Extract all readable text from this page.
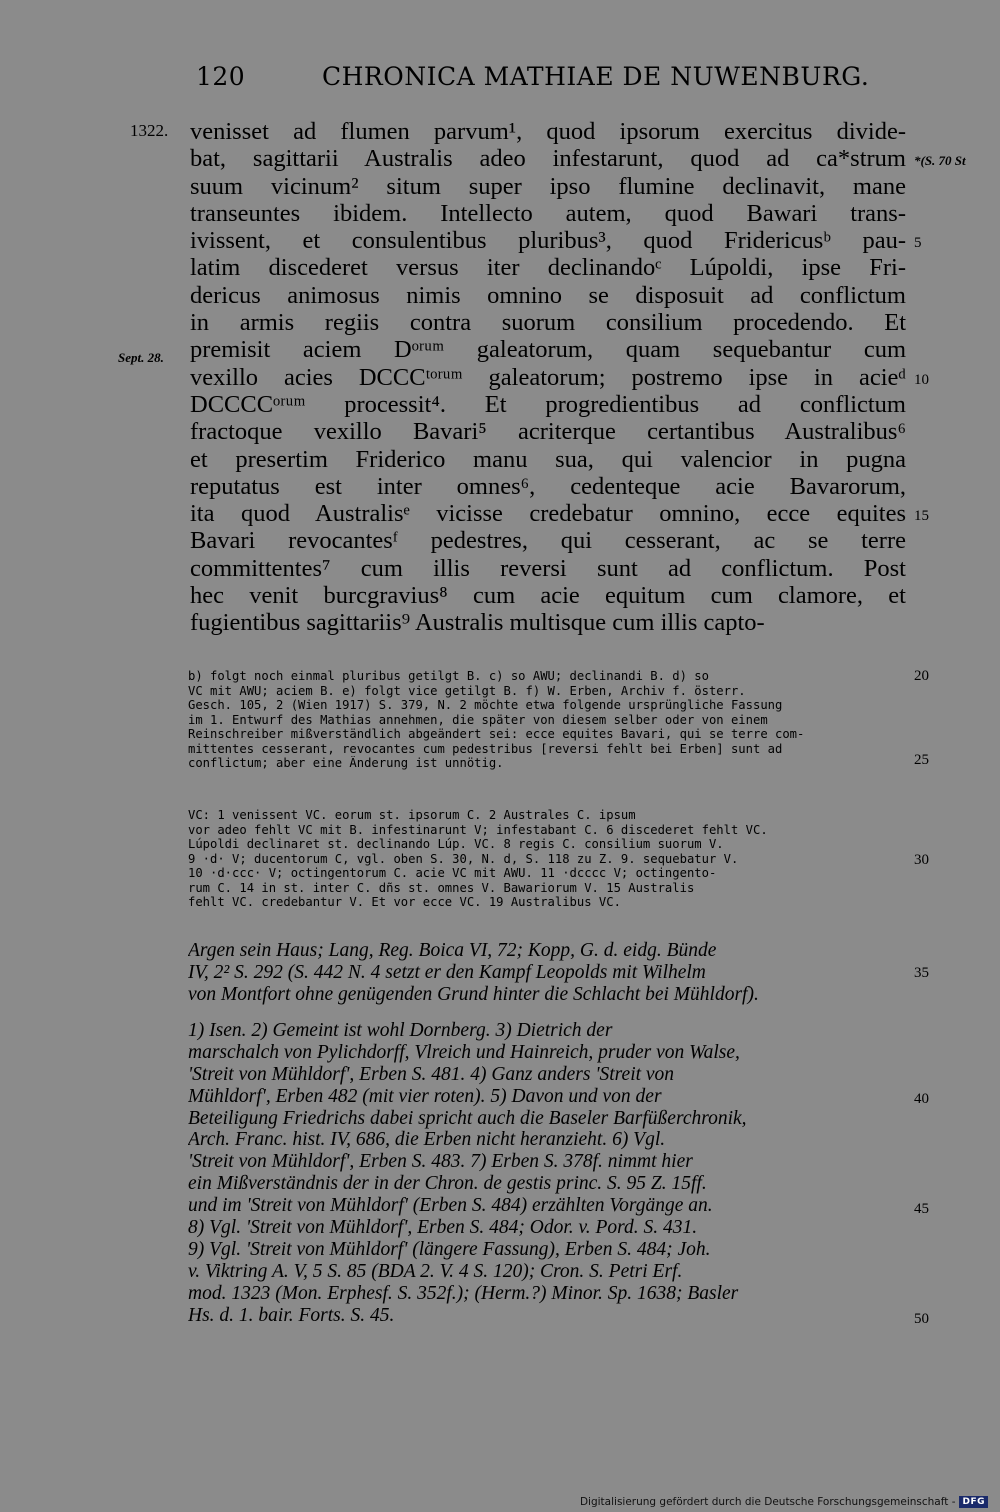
120	CHRONICA MATHIAE DE NUWENBURG.
1322.
Sept. 28.
*(S. 70 St
5
10
15
20
25
30
35
40
45
50
venisset ad flumen parvum¹, quod ipsorum exercitus divide-
bat, sagittarii Australis adeo infestarunt, quod ad ca*strum
suum vicinum² situm super ipso flumine declinavit, mane
transeuntes ibidem. Intellecto autem, quod Bawari trans-
ivissent, et consulentibus pluribus³, quod Fridericusᵇ pau-
latim discederet versus iter declinandoᶜ Lúpoldi, ipse Fri-
dericus animosus nimis omnino se disposuit ad conflictum
in armis regiis contra suorum consilium procedendo. Et
premisit aciem Dᵒʳᵘᵐ galeatorum, quam sequebantur cum
vexillo acies DCCCᵗᵒʳᵘᵐ galeatorum; postremo ipse in acieᵈ
DCCCCᵒʳᵘᵐ processit⁴. Et progredientibus ad conflictum
fractoque vexillo Bavari⁵ acriterque certantibus Australibus⁶
et presertim Friderico manu sua, qui valencior in pugna
reputatus est inter omnes⁶, cedenteque acie Bavarorum,
ita quod Australisᵉ vicisse credebatur omnino, ecce equites
Bavari revocantesᶠ pedestres, qui cesserant, ac se terre
committentes⁷ cum illis reversi sunt ad conflictum. Post
hec venit burcgravius⁸ cum acie equitum cum clamore, et
fugientibus sagittariis⁹ Australis multisque cum illis capto-
b) folgt noch einmal pluribus getilgt B. c) so AWU; declinandi B. d) so
VC mit AWU; aciem B. e) folgt vice getilgt B. f) W. Erben, Archiv f. österr.
Gesch. 105, 2 (Wien 1917) S. 379, N. 2 möchte etwa folgende ursprüngliche Fassung
im 1. Entwurf des Mathias annehmen, die später von diesem selber oder von einem
Reinschreiber mißverständlich abgeändert sei: ecce equites Bavari, qui se terre com-
mittentes cesserant, revocantes cum pedestribus [reversi fehlt bei Erben] sunt ad
conflictum; aber eine Änderung ist unnötig.
VC: 1 venissent VC. eorum st. ipsorum C. 2 Australes C. ipsum
vor adeo fehlt VC mit B. infestinarunt V; infestabant C. 6 discederet fehlt VC.
Lúpoldi declinaret st. declinando Lúp. VC. 8 regis C. consilium suorum V.
9 ·d· V; ducentorum C, vgl. oben S. 30, N. d, S. 118 zu Z. 9. sequebatur V.
10 ·d·ccc· V; octingentorum C. acie VC mit AWU. 11 ·dcccc V; octingento-
rum C. 14 in st. inter C. dñs st. omnes V. Bawariorum V. 15 Australis
fehlt VC. credebantur V. Et vor ecce VC. 19 Australibus VC.
Argen sein Haus; Lang, Reg. Boica VI, 72; Kopp, G. d. eidg. Bünde
IV, 2² S. 292 (S. 442 N. 4 setzt er den Kampf Leopolds mit Wilhelm
von Montfort ohne genügenden Grund hinter die Schlacht bei Mühldorf).
1) Isen. 2) Gemeint ist wohl Dornberg. 3) Dietrich der
marschalch von Pylichdorff, Vlreich und Hainreich, pruder von Walse,
'Streit von Mühldorf', Erben S. 481. 4) Ganz anders 'Streit von
Mühldorf', Erben 482 (mit vier roten). 5) Davon und von der
Beteiligung Friedrichs dabei spricht auch die Baseler Barfüßerchronik,
Arch. Franc. hist. IV, 686, die Erben nicht heranzieht. 6) Vgl.
'Streit von Mühldorf', Erben S. 483. 7) Erben S. 378f. nimmt hier
ein Mißverständnis der in der Chron. de gestis princ. S. 95 Z. 15ff.
und im 'Streit von Mühldorf' (Erben S. 484) erzählten Vorgänge an.
8) Vgl. 'Streit von Mühldorf', Erben S. 484; Odor. v. Pord. S. 431.
9) Vgl. 'Streit von Mühldorf' (längere Fassung), Erben S. 484; Joh.
v. Viktring A. V, 5 S. 85 (BDA 2. V. 4 S. 120); Cron. S. Petri Erf.
mod. 1323 (Mon. Erphesf. S. 352f.); (Herm.?) Minor. Sp. 1638; Basler
Hs. d. 1. bair. Forts. S. 45.
Digitalisierung gefördert durch die Deutsche Forschungsgemeinschaft - DFG
